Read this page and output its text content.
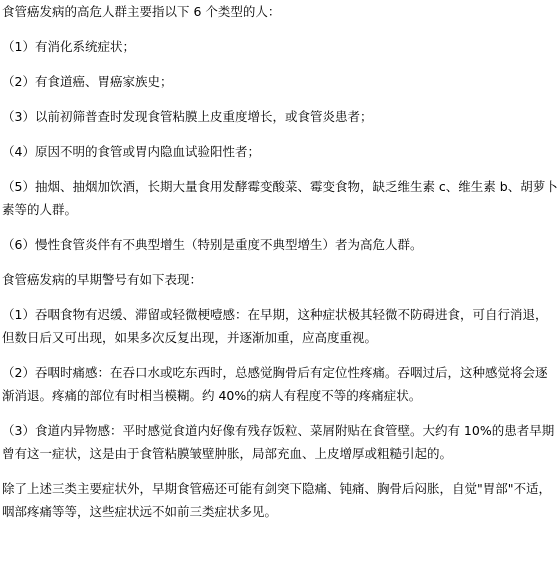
食管癌发病的高危人群主要指以下 6 个类型的人：

（1）有消化系统症状；

（2）有食道癌、胃癌家族史；

（3）以前初筛普查时发现食管粘膜上皮重度增长，或食管炎患者；

（4）原因不明的食管或胃内隐血试验阳性者；

（5）抽烟、抽烟加饮酒，长期大量食用发酵霉变酸菜、霉变食物，缺乏维生素 c、维生素 b、胡萝卜素等的人群。

（6）慢性食管炎伴有不典型增生（特别是重度不典型增生）者为高危人群。

食管癌发病的早期警号有如下表现：

（1）吞咽食物有迟缓、滞留或轻微梗噎感：在早期，这种症状极其轻微不防碍进食，可自行消退，但数日后又可出现，如果多次反复出现，并逐渐加重，应高度重视。

（2）吞咽时痛感：在吞口水或吃东西时，总感觉胸骨后有定位性疼痛。吞咽过后，这种感觉将会逐渐消退。疼痛的部位有时相当模糊。约 40%的病人有程度不等的疼痛症状。

（3）食道内异物感：平时感觉食道内好像有残存饭粒、菜屑附贴在食管壁。大约有 10%的患者早期曾有这一症状，这是由于食管粘膜皱壁肿胀，局部充血、上皮增厚或粗糙引起的。

除了上述三类主要症状外，早期食管癌还可能有剑突下隐痛、钝痛、胸骨后闷胀，自觉"胃部"不适，咽部疼痛等等，这些症状远不如前三类症状多见。
